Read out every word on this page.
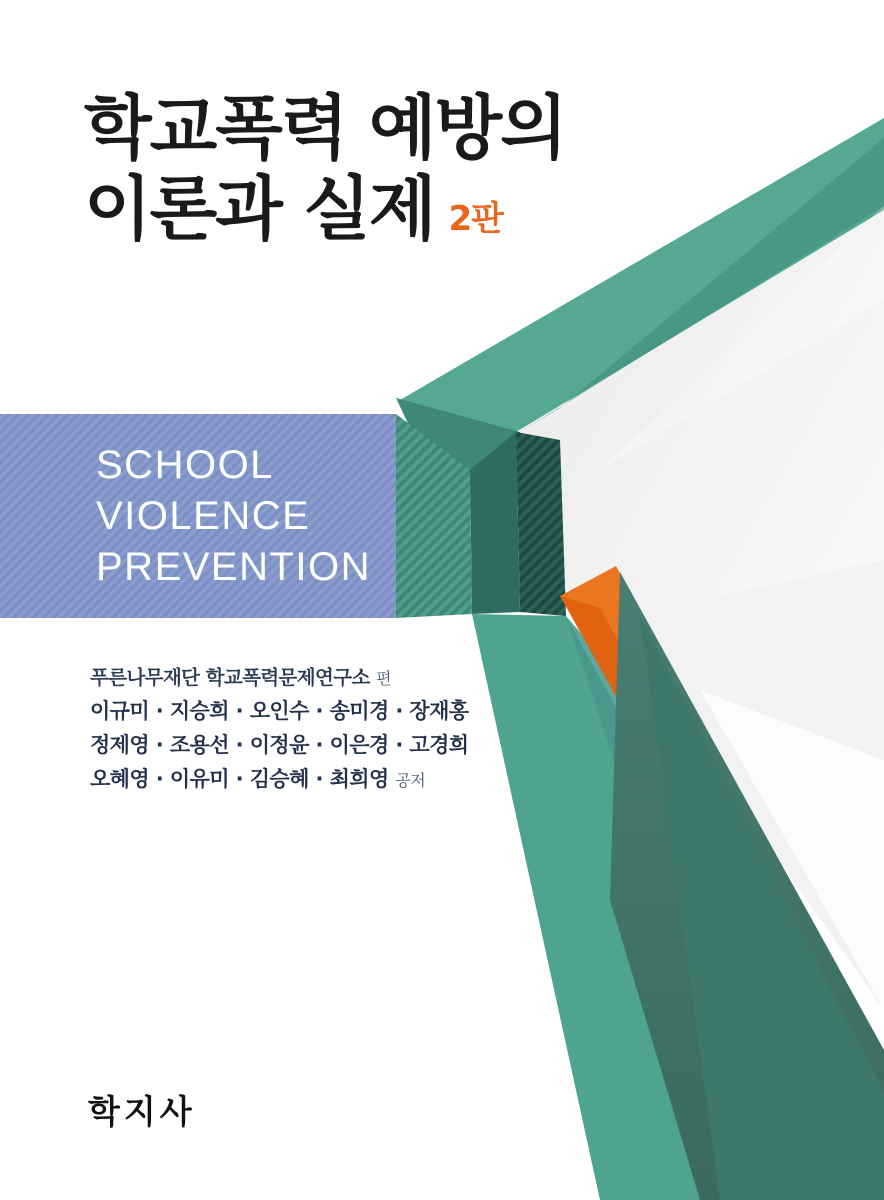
학교폭력 예방의
이론과 실제 2판
SCHOOL
VIOLENCE
PREVENTION
푸른나무재단 학교폭력문제연구소 편
이규미 · 지승희 · 오인수 · 송미경 · 장재홍
정제영 · 조용선 · 이정윤 · 이은경 · 고경희
오혜영 · 이유미 · 김승혜 · 최희영 공저
학지사
